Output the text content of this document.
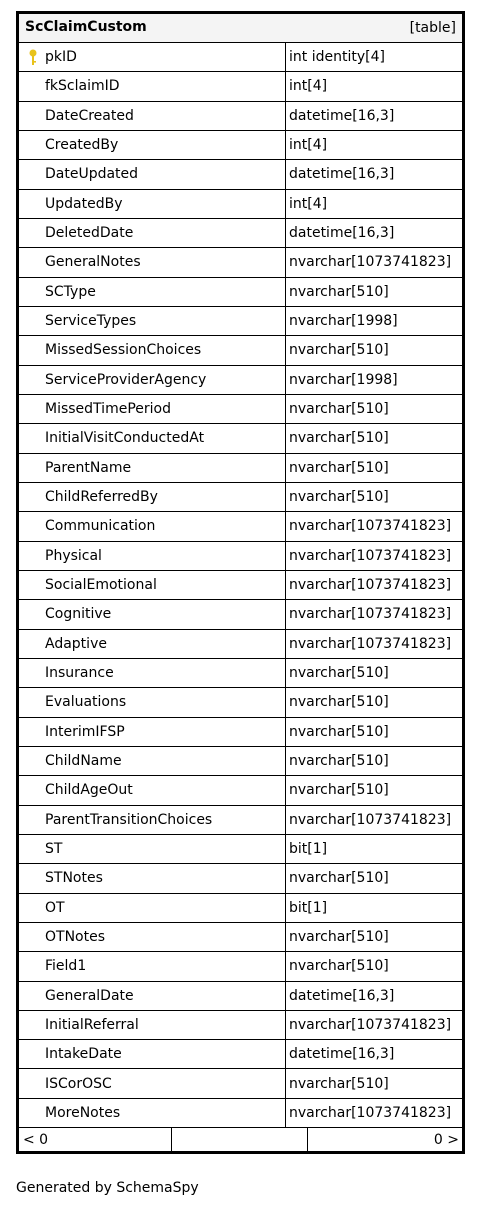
ScClaimCustom	[table]
pkID	int identity[4]
fkSclaimID	int[4]
DateCreated	datetime[16,3]
CreatedBy	int[4]
DateUpdated	datetime[16,3]
UpdatedBy	int[4]
DeletedDate	datetime[16,3]
GeneralNotes	nvarchar[1073741823]
SCType	nvarchar[510]
ServiceTypes	nvarchar[1998]
MissedSessionChoices	nvarchar[510]
ServiceProviderAgency	nvarchar[1998]
MissedTimePeriod	nvarchar[510]
InitialVisitConductedAt	nvarchar[510]
ParentName	nvarchar[510]
ChildReferredBy	nvarchar[510]
Communication	nvarchar[1073741823]
Physical	nvarchar[1073741823]
SocialEmotional	nvarchar[1073741823]
Cognitive	nvarchar[1073741823]
Adaptive	nvarchar[1073741823]
Insurance	nvarchar[510]
Evaluations	nvarchar[510]
InterimIFSP	nvarchar[510]
ChildName	nvarchar[510]
ChildAgeOut	nvarchar[510]
ParentTransitionChoices	nvarchar[1073741823]
ST	bit[1]
STNotes	nvarchar[510]
OT	bit[1]
OTNotes	nvarchar[510]
Field1	nvarchar[510]
GeneralDate	datetime[16,3]
InitialReferral	nvarchar[1073741823]
IntakeDate	datetime[16,3]
ISCorOSC	nvarchar[510]
MoreNotes	nvarchar[1073741823]
< 0	0 >
Generated by SchemaSpy
